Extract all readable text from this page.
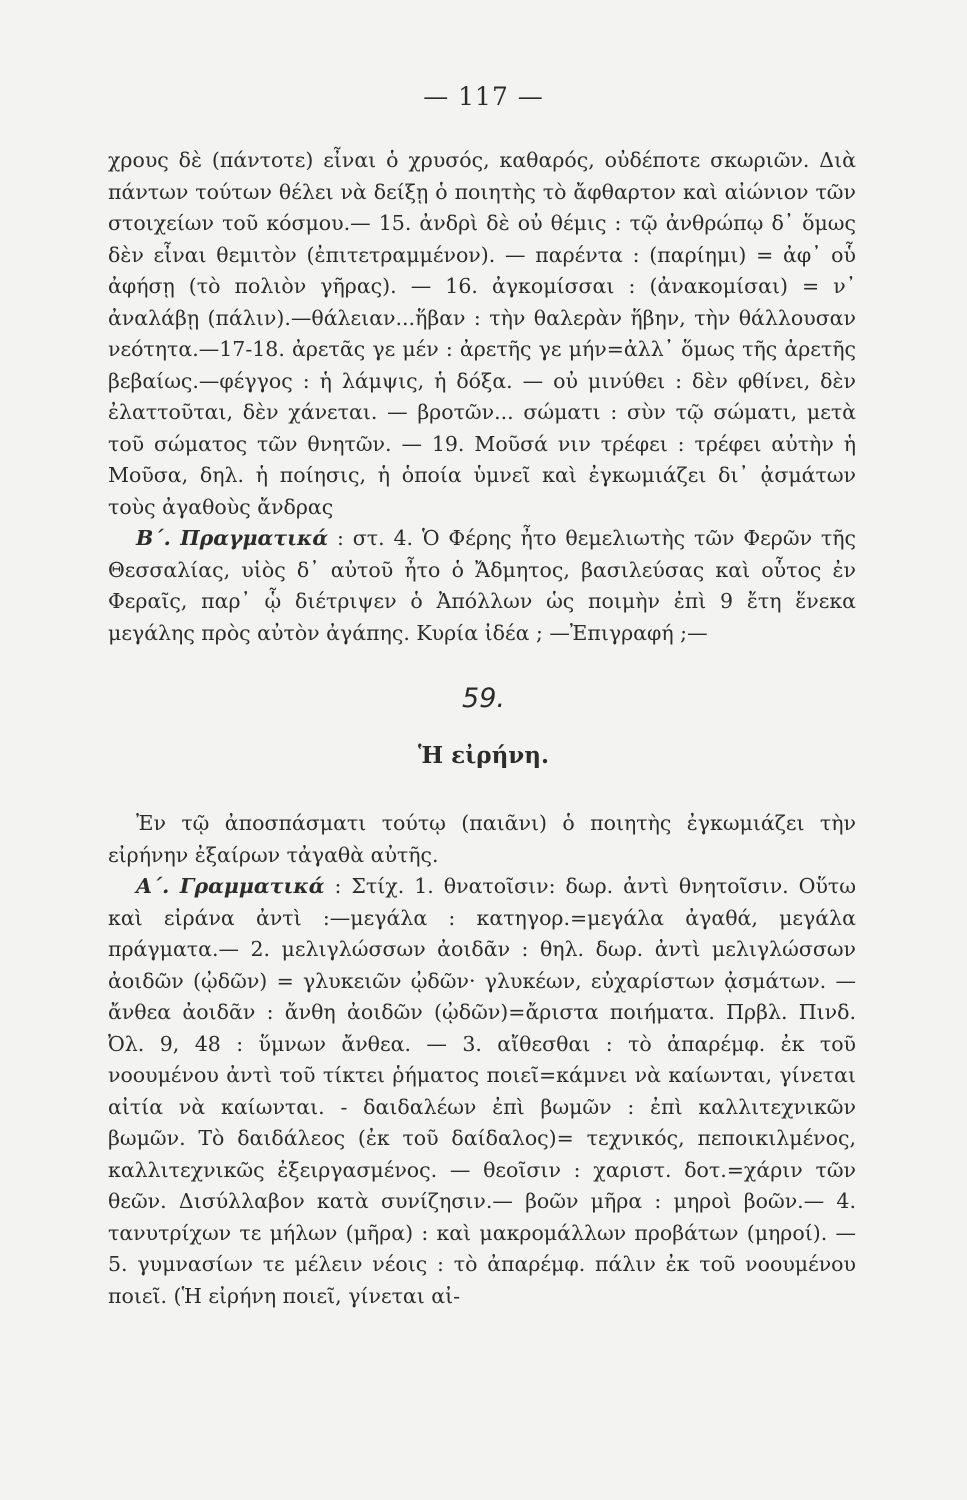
— 117 —

χρους δὲ (πάντοτε) εἶναι ὁ χρυσός, καθαρός, οὐδέποτε σκωριῶν. Διὰ πάντων τούτων θέλει νὰ δείξῃ ὁ ποιητὴς τὸ ἄφθαρτον καὶ αἰώνιον τῶν στοιχείων τοῦ κόσμου.— 15. ἀνδρὶ δὲ οὐ θέμις : τῷ ἀνθρώπῳ δ᾽ ὅμως δὲν εἶναι θεμιτὸν (ἐπιτετραμμένον). — παρέντα : (παρίημι) = ἀφ᾽ οὗ ἀφήσῃ (τὸ πολιὸν γῆρας). — 16. ἀγκομίσσαι : (ἀνακομίσαι) = ν᾽ ἀναλάβῃ (πάλιν).—θάλειαν...ἥβαν : τὴν θαλερὰν ἥβην, τὴν θάλλουσαν νεότητα.—17-18. ἀρετᾶς γε μέν : ἀρετῆς γε μήν=ἀλλ᾽ ὅμως τῆς ἀρετῆς βεβαίως.—φέγγος : ἡ λάμψις, ἡ δόξα. — οὐ μινύθει : δὲν φθίνει, δὲν ἐλαττοῦται, δὲν χάνεται. — βροτῶν... σώματι : σὺν τῷ σώματι, μετὰ τοῦ σώματος τῶν θνητῶν. — 19. Μοῦσά νιν τρέφει : τρέφει αὐτὴν ἡ Μοῦσα, δηλ. ἡ ποίησις, ἡ ὁποία ὑμνεῖ καὶ ἐγκωμιάζει δι᾽ ᾀσμάτων τοὺς ἀγαθοὺς ἄνδρας

Β΄. Πραγματικά : στ. 4. Ὁ Φέρης ἦτο θεμελιωτὴς τῶν Φερῶν τῆς Θεσσαλίας, υἱὸς δ᾽ αὐτοῦ ἦτο ὁ Ἄδμητος, βασιλεύσας καὶ οὗτος ἐν Φεραῖς, παρ᾽ ᾧ διέτριψεν ὁ Ἀπόλλων ὡς ποιμὴν ἐπὶ 9 ἔτη ἕνεκα μεγάλης πρὸς αὐτὸν ἀγάπης. Κυρία ἰδέα ; —Ἐπιγραφή ;—

59.
Ἡ εἰρήνη.

Ἐν τῷ ἀποσπάσματι τούτῳ (παιᾶνι) ὁ ποιητὴς ἐγκωμιάζει τὴν εἰρήνην ἐξαίρων τἀγαθὰ αὐτῆς.

Α΄. Γραμματικά : Στίχ. 1. θνατοῖσιν: δωρ. ἀντὶ θνητοῖσιν. Οὕτω καὶ εἰράνα ἀντὶ :—μεγάλα : κατηγορ.=μεγάλα ἀγαθά, μεγάλα πράγματα.— 2. μελιγλώσσων ἀοιδᾶν : θηλ. δωρ. ἀντὶ μελιγλώσσων ἀοιδῶν (ᾠδῶν) = γλυκειῶν ᾠδῶν· γλυκέων, εὐχαρίστων ᾀσμάτων. — ἄνθεα ἀοιδᾶν : ἄνθη ἀοιδῶν (ᾠδῶν)=ἄριστα ποιήματα. Πρβλ. Πινδ. Ὀλ. 9, 48 : ὕμνων ἄνθεα. — 3. αἴθεσθαι : τὸ ἀπαρέμφ. ἐκ τοῦ νοουμένου ἀντὶ τοῦ τίκτει ῥήματος ποιεῖ=κάμνει νὰ καίωνται, γίνεται αἰτία νὰ καίωνται. - δαιδαλέων ἐπὶ βωμῶν : ἐπὶ καλλιτεχνικῶν βωμῶν. Τὸ δαιδάλεος (ἐκ τοῦ δαίδαλος)= τεχνικός, πεποικιλμένος, καλλιτεχνικῶς ἐξειργασμένος. — θεοῖσιν : χαριστ. δοτ.=χάριν τῶν θεῶν. Δισύλλαβον κατὰ συνίζησιν.— βοῶν μῆρα : μηροὶ βοῶν.— 4. τανυτρίχων τε μήλων (μῆρα) : καὶ μακρομάλλων προβάτων (μηροί). — 5. γυμνασίων τε μέλειν νέοις : τὸ ἀπαρέμφ. πάλιν ἐκ τοῦ νοουμένου ποιεῖ. (Ἡ εἰρήνη ποιεῖ, γίνεται αἰ-
